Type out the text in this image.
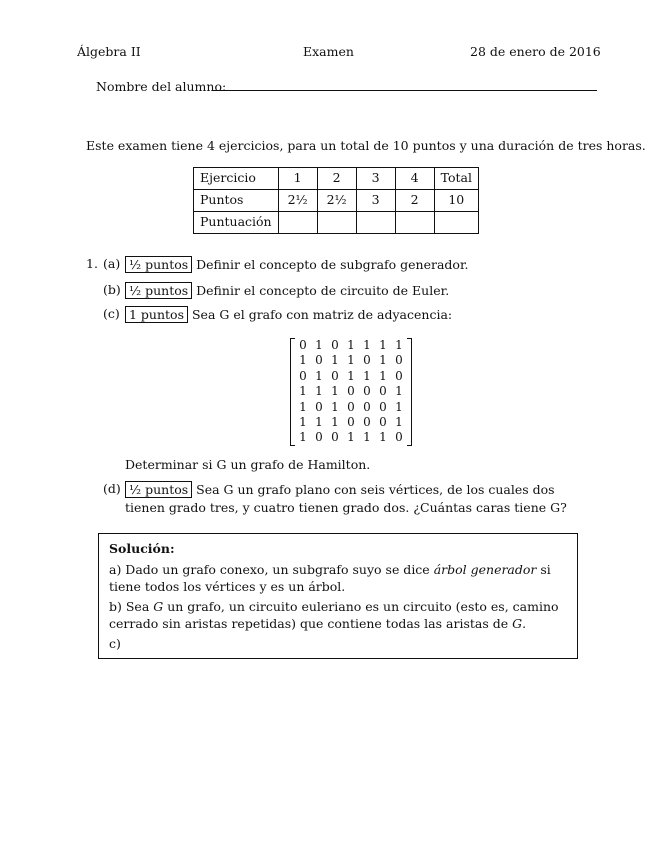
Álgebra II	Examen	28 de enero de 2016
Nombre del alumno:
Este examen tiene 4 ejercicios, para un total de 10 puntos y una duración de tres horas.
Ejercicio	1	2	3	4	Total
Puntos	2½	2½	3	2	10
Puntuación					
1. (a) ½ puntos Definir el concepto de subgrafo generador.
(b) ½ puntos Definir el concepto de circuito de Euler.
(c) 1 puntos Sea G el grafo con matriz de adyacencia:
0 1 0 1 1 1 1
1 0 1 1 0 1 0
0 1 0 1 1 1 0
1 1 1 0 0 0 1
1 0 1 0 0 0 1
1 1 1 0 0 0 1
1 0 0 1 1 1 0
Determinar si G un grafo de Hamilton.
(d) ½ puntos Sea G un grafo plano con seis vértices, de los cuales dos tienen grado tres, y cuatro tienen grado dos. ¿Cuántas caras tiene G?
Solución:
a) Dado un grafo conexo, un subgrafo suyo se dice árbol generador si tiene todos los vértices y es un árbol.
b) Sea G un grafo, un circuito euleriano es un circuito (esto es, camino cerrado sin aristas repetidas) que contiene todas las aristas de G.
c)
